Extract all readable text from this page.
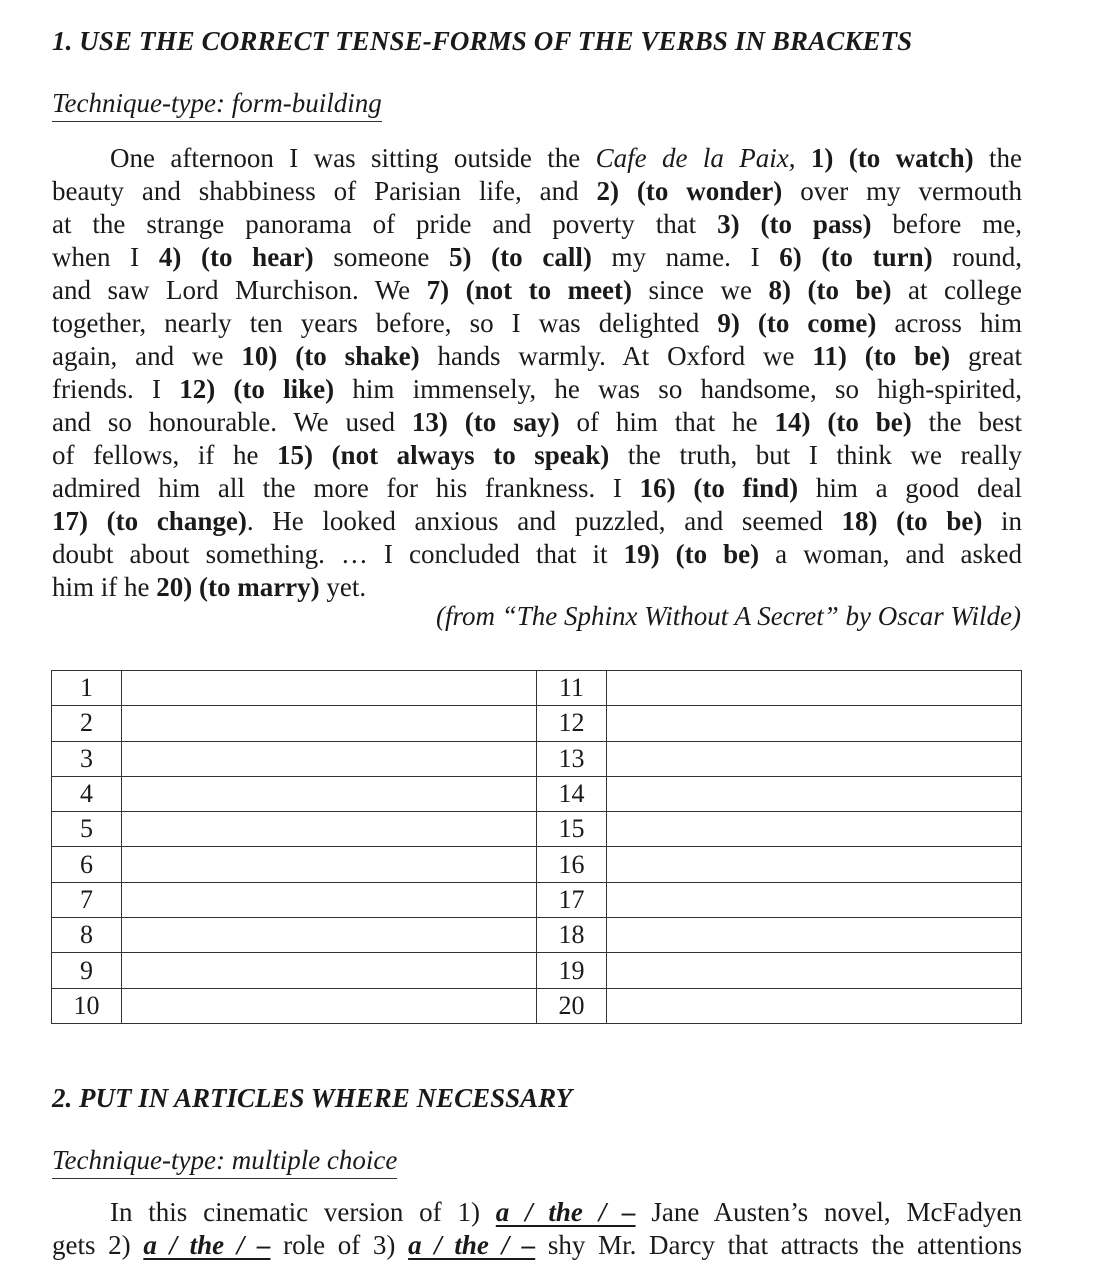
1. USE THE CORRECT TENSE-FORMS OF THE VERBS IN BRACKETS
Technique-type: form-building
One afternoon I was sitting outside the Cafe de la Paix, 1) (to watch) the
beauty and shabbiness of Parisian life, and 2) (to wonder) over my vermouth
at the strange panorama of pride and poverty that 3) (to pass) before me,
when I 4) (to hear) someone 5) (to call) my name. I 6) (to turn) round,
and saw Lord Murchison. We 7) (not to meet) since we 8) (to be) at college
together, nearly ten years before, so I was delighted 9) (to come) across him
again, and we 10) (to shake) hands warmly. At Oxford we 11) (to be) great
friends. I 12) (to like) him immensely, he was so handsome, so high-spirited,
and so honourable. We used 13) (to say) of him that he 14) (to be) the best
of fellows, if he 15) (not always to speak) the truth, but I think we really
admired him all the more for his frankness. I 16) (to find) him a good deal
17) (to change). He looked anxious and puzzled, and seemed 18) (to be) in
doubt about something. … I concluded that it 19) (to be) a woman, and asked
him if he 20) (to marry) yet.
(from “The Sphinx Without A Secret” by Oscar Wilde)
1		11	
2		12	
3		13	
4		14	
5		15	
6		16	
7		17	
8		18	
9		19	
10		20	
2. PUT IN ARTICLES WHERE NECESSARY
Technique-type: multiple choice
In this cinematic version of 1) a / the / – Jane Austen’s novel, McFadyen
gets 2) a / the / – role of 3) a / the / – shy Mr. Darcy that attracts the attentions
